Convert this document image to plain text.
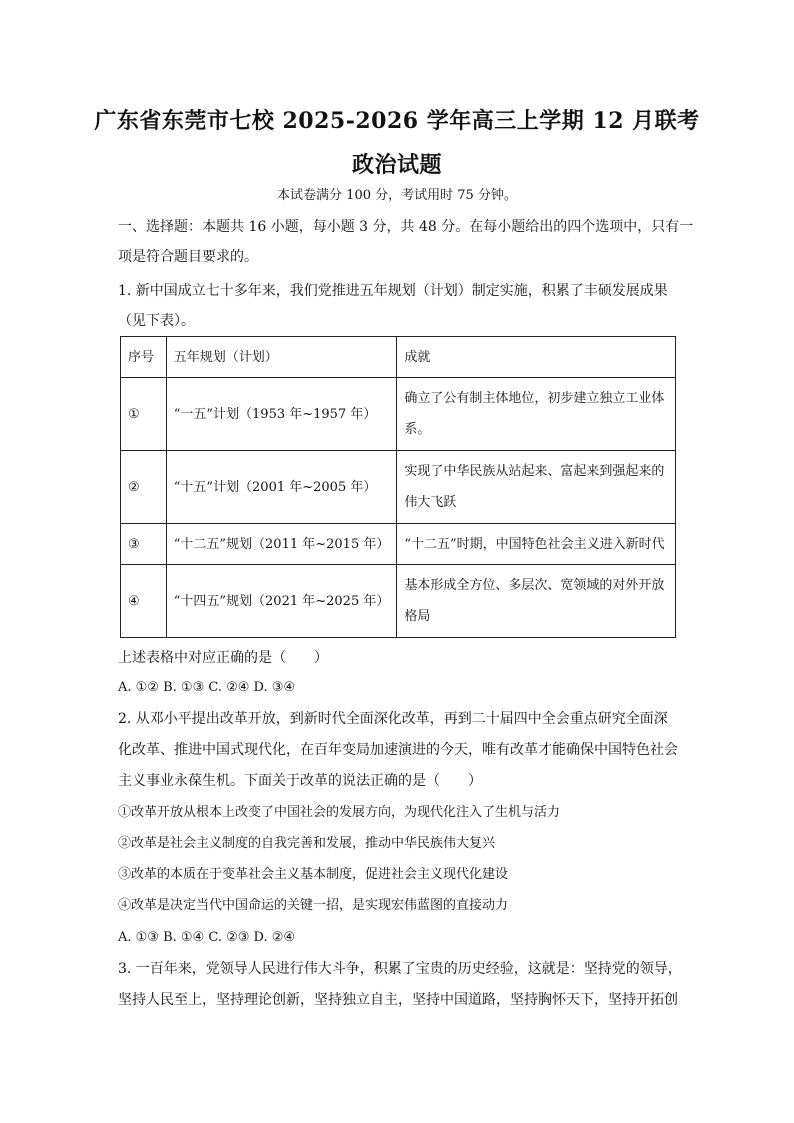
广东省东莞市七校 2025-2026 学年高三上学期 12 月联考
政治试题
本试卷满分 100 分，考试用时 75 分钟。
一、选择题：本题共 16 小题，每小题 3 分，共 48 分。在每小题给出的四个选项中，只有一
项是符合题目要求的。
1. 新中国成立七十多年来，我们党推进五年规划（计划）制定实施，积累了丰硕发展成果
（见下表）。
序号	五年规划（计划）	成就
①	“一五”计划（1953 年~1957 年）	确立了公有制主体地位，初步建立独立工业体
系。

②	“十五”计划（2001 年~2005 年）	实现了中华民族从站起来、富起来到强起来的
伟大飞跃

③	“十二五”规划（2011 年~2015 年）	“十二五”时期，中国特色社会主义进入新时代

④	“十四五”规划（2021 年~2025 年）	基本形成全方位、多层次、宽领域的对外开放
格局
上述表格中对应正确的是（　　）
A. ①② B. ①③ C. ②④ D. ③④
2. 从邓小平提出改革开放，到新时代全面深化改革，再到二十届四中全会重点研究全面深
化改革、推进中国式现代化，在百年变局加速演进的今天，唯有改革才能确保中国特色社会
主义事业永葆生机。下面关于改革的说法正确的是（　　）
①改革开放从根本上改变了中国社会的发展方向，为现代化注入了生机与活力
②改革是社会主义制度的自我完善和发展，推动中华民族伟大复兴
③改革的本质在于变革社会主义基本制度，促进社会主义现代化建设
④改革是决定当代中国命运的关键一招，是实现宏伟蓝图的直接动力
A. ①③ B. ①④ C. ②③ D. ②④
3. 一百年来，党领导人民进行伟大斗争，积累了宝贵的历史经验，这就是：坚持党的领导，
坚持人民至上，坚持理论创新，坚持独立自主，坚持中国道路，坚持胸怀天下，坚持开拓创
